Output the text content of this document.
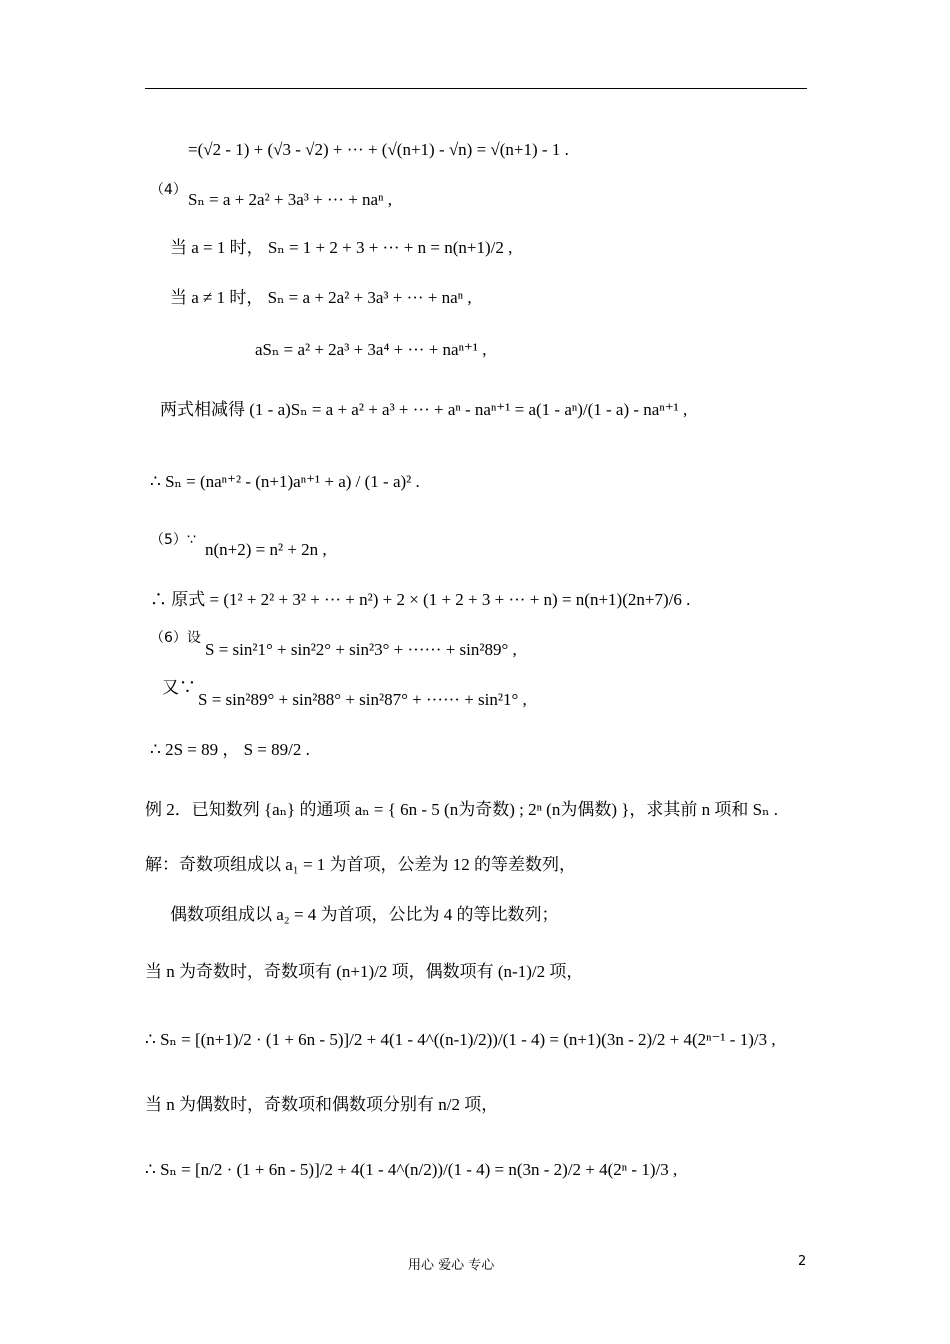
=(√2 - 1) + (√3 - √2) + ··· + (√(n+1) - √n) = √(n+1) - 1 .
（4） Sₙ = a + 2a² + 3a³ + ··· + naⁿ ,
当 a = 1 时， Sₙ = 1 + 2 + 3 + ··· + n = n(n+1)/2 ,
当 a ≠ 1 时， Sₙ = a + 2a² + 3a³ + ··· + naⁿ ,
aSₙ = a² + 2a³ + 3a⁴ + ··· + naⁿ⁺¹ ,
两式相减得 (1 - a)Sₙ = a + a² + a³ + ··· + aⁿ - naⁿ⁺¹ = a(1 - aⁿ)/(1 - a) - naⁿ⁺¹ ,
∴ Sₙ = (naⁿ⁺² - (n+1)aⁿ⁺¹ + a) / (1 - a)² .
（5）∵ n(n+2) = n² + 2n ,
∴ 原式 = (1² + 2² + 3² + ··· + n²) + 2 × (1 + 2 + 3 + ··· + n) = n(n+1)(2n+7)/6 .
（6）设
S = sin²1° + sin²2° + sin²3° + ······ + sin²89° ,
又∵
S = sin²89° + sin²88° + sin²87° + ······ + sin²1° ,
∴ 2S = 89 ， S = 89/2 .
例 2．已知数列 {aₙ} 的通项 aₙ = { 6n - 5 (n为奇数) ; 2ⁿ (n为偶数) }，求其前 n 项和 Sₙ .
解：奇数项组成以 a₁ = 1 为首项，公差为 12 的等差数列，
偶数项组成以 a₂ = 4 为首项，公比为 4 的等比数列；
当 n 为奇数时，奇数项有 (n+1)/2 项，偶数项有 (n-1)/2 项，
∴ Sₙ = [(n+1)/2 · (1 + 6n - 5)]/2 + 4(1 - 4^((n-1)/2))/(1 - 4) = (n+1)(3n - 2)/2 + 4(2ⁿ⁻¹ - 1)/3 ,
当 n 为偶数时，奇数项和偶数项分别有 n/2 项，
∴ Sₙ = [n/2 · (1 + 6n - 5)]/2 + 4(1 - 4^(n/2))/(1 - 4) = n(3n - 2)/2 + 4(2ⁿ - 1)/3 ,
用心 爱心 专心	2
